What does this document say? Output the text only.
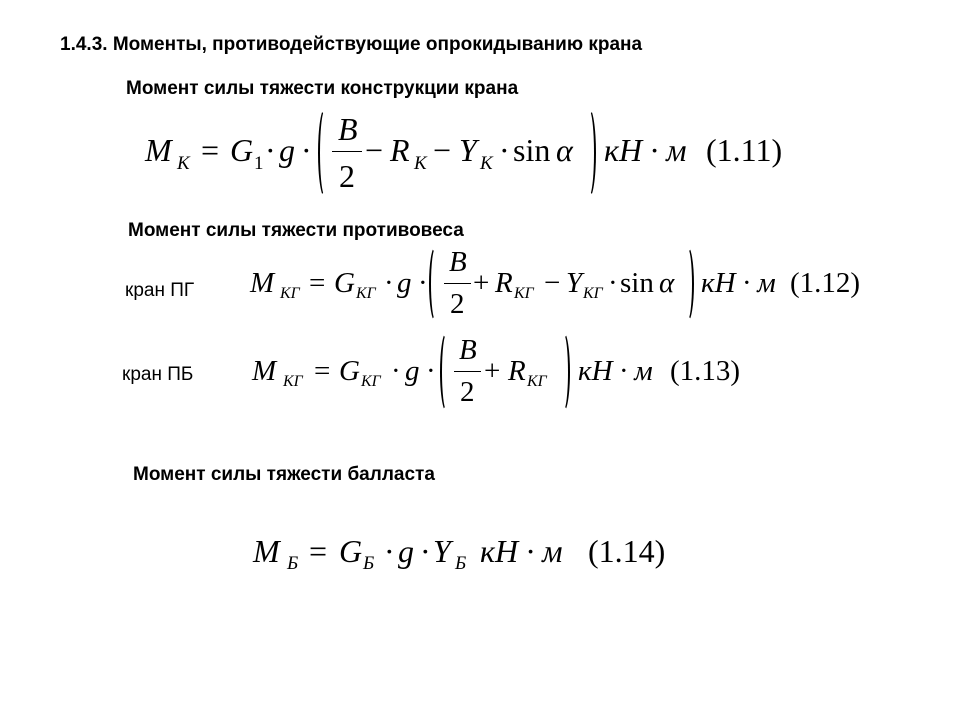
1.4.3. Моменты, противодействующие опрокидыванию крана
Момент силы тяжести конструкции крана
M К = G 1 · g ·
B
2
− R К − Y К · sin α кН · м (1.11)
Момент силы тяжести противовеса
кран ПГ M КГ = G КГ · g ·
B
2
+ R КГ − Y КГ · sin α кН · м (1.12)
кран ПБ M КГ = G КГ · g ·
B
2
+ R КГ кН · м (1.13)
Момент силы тяжести балласта
M Б = G Б · g · Y Б кН · м (1.14)
